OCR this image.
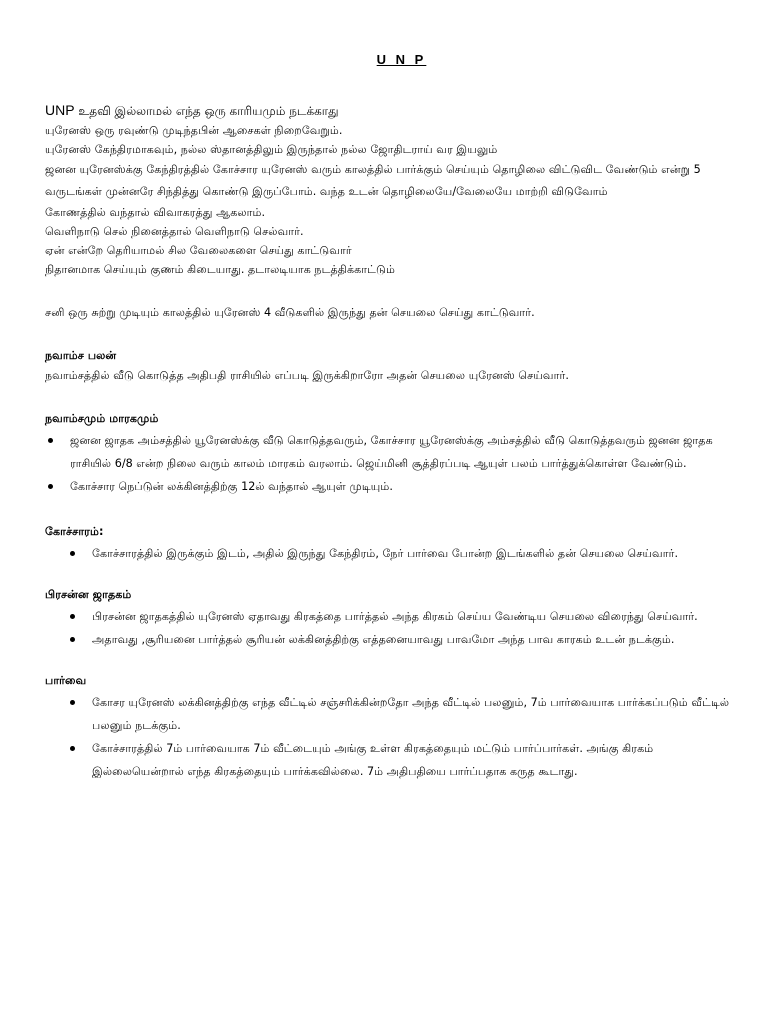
U N P
UNP உதவி இல்லாமல் எந்த ஒரு காரியமும் நடக்காது
யுரேனஸ் ஒரு ரவுண்டு முடிந்தபின் ஆசைகள் நிறைவேறும்.
யுரேனஸ் கேந்திரமாகவும், நல்ல ஸ்தானத்திலும் இருந்தால் நல்ல ஜோதிடராய் வர இயலும்
ஜனன யுரேனஸ்க்கு கேந்திரத்தில் கோச்சார யுரேனஸ் வரும் காலத்தில் பார்க்கும் செய்யும் தொழிலை விட்டுவிட வேண்டும் என்று 5 வருடங்கள் முன்னரே சிந்தித்து கொண்டு இருப்போம். வந்த உடன் தொழிலையே/வேலையே மாற்றி விடுவோம்
கோணத்தில் வந்தால் விவாகரத்து ஆகலாம்.
வெளிநாடு செல் நினைத்தால் வெளிநாடு செல்வார்.
ஏன் என்றே தெரியாமல் சில வேலைகளை செய்து காட்டுவார்
நிதானமாக செய்யும் குணம் கிடையாது. தடாலடியாக நடத்திக்காட்டும்
சனி ஒரு சுற்று முடியும் காலத்தில் யுரேனஸ் 4 வீடுகளில் இருந்து தன் செயலை செய்து காட்டுவார்.
நவாம்ச பலன்
நவாம்சத்தில் வீடு கொடுத்த அதிபதி ராசியில் எப்படி இருக்கிறாரோ அதன் செயலை யுரேனஸ் செய்வார்.
நவாம்சமும் மாரகமும்
ஜனன ஜாதக அம்சத்தில் யூரேனஸ்க்கு வீடு கொடுத்தவரும், கோச்சார யூரேனஸ்க்கு அம்சத்தில் வீடு கொடுத்தவரும் ஜனன ஜாதக ராசியில் 6/8 என்ற நிலை வரும் காலம் மாரகம் வரலாம். ஜெய்மினி சூத்திரப்படி ஆயுள் பலம் பார்த்துக்கொள்ள வேண்டும்.
கோச்சார நெப்டுன் லக்கினத்திற்கு 12ல் வந்தால் ஆயுள் முடியும்.
கோச்சாரம்:
கோச்சாரத்தில் இருக்கும் இடம், அதில் இருந்து கேந்திரம், நேர் பார்வை போன்ற இடங்களில் தன் செயலை செய்வார்.
பிரசன்ன ஜாதகம்
பிரசன்ன ஜாதகத்தில் யுரேனஸ் ஏதாவது கிரகத்தை பார்த்தல் அந்த கிரகம் செய்ய வேண்டிய செயலை விரைந்து செய்வார்.
அதாவது ,சூரியனை பார்த்தல் சூரியன் லக்கினத்திற்கு எத்தனையாவது பாவமோ அந்த பாவ காரகம் உடன் நடக்கும்.
பார்வை
கோசர யுரேனஸ் லக்கினத்திற்கு எந்த வீட்டில் சஞ்சரிக்கின்றதோ அந்த வீட்டில் பலனும், 7ம் பார்வையாக பார்க்கப்படும் வீட்டில் பலனும் நடக்கும்.
கோச்சாரத்தில் 7ம் பார்வையாக 7ம் வீட்டையும் அங்கு உள்ள கிரகத்தையும் மட்டும் பார்ப்பார்கள். அங்கு கிரகம் இல்லையென்றால் எந்த கிரகத்தையும் பார்க்கவில்லை. 7ம் அதிபதியை பார்ப்பதாக கருத கூடாது.
